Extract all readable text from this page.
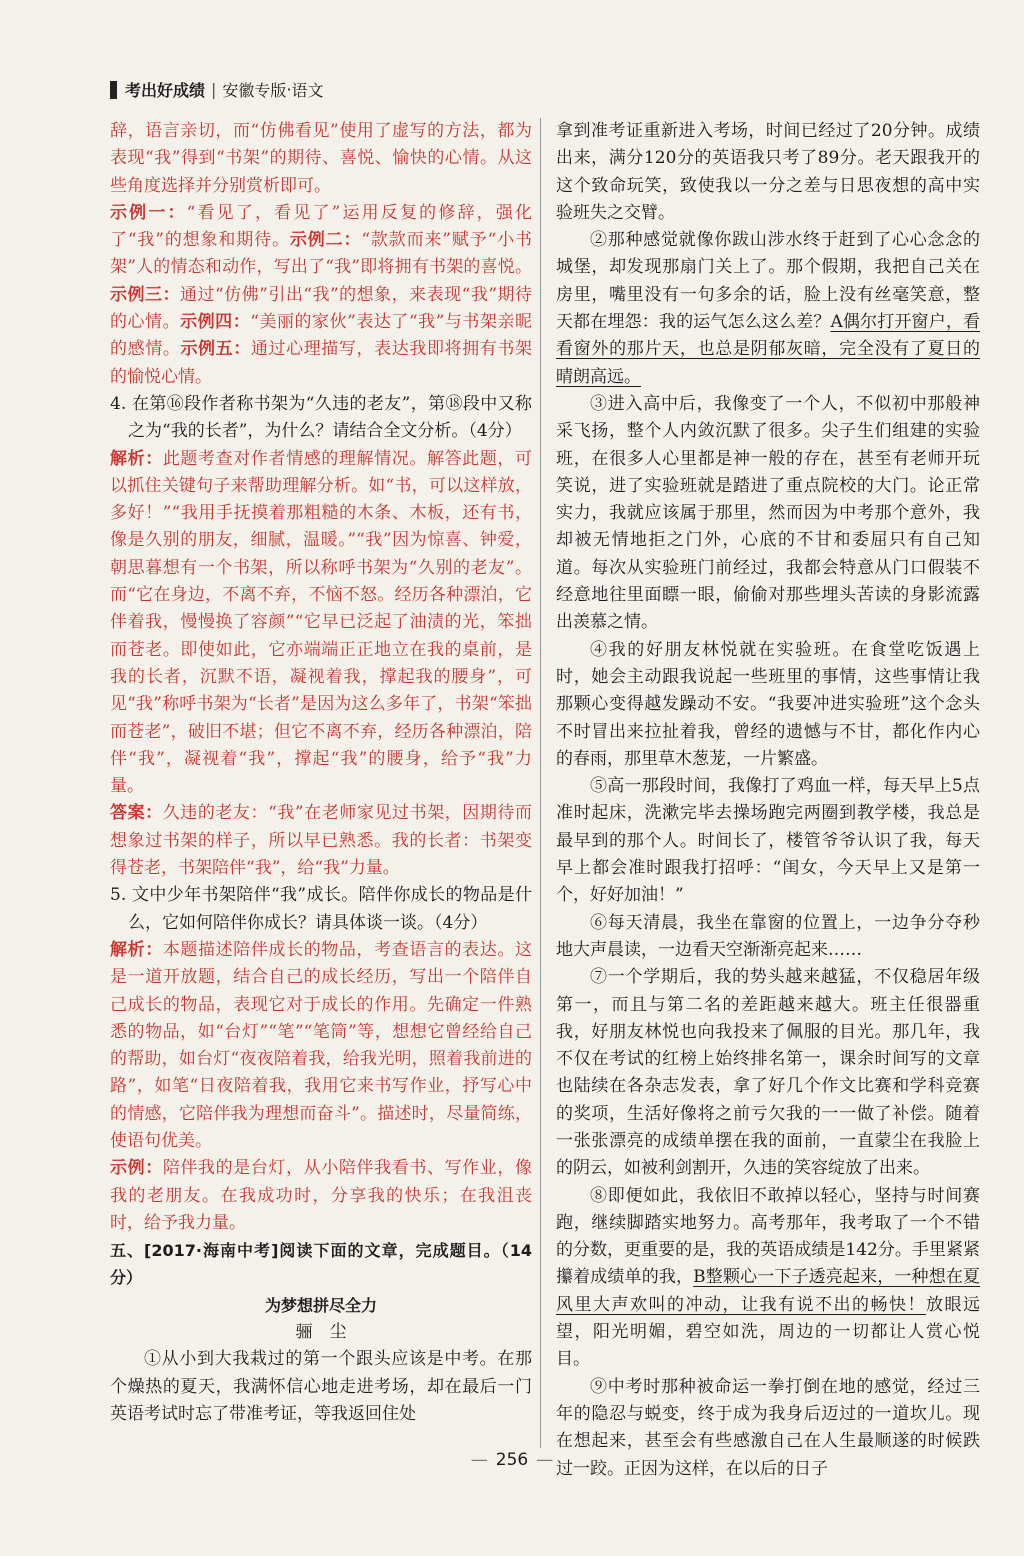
考出好成绩 | 安徽专版 · 语文

辞，语言亲切，而“仿佛看见”使用了虚写的方法，都为表现“我”得到“书架”的期待、喜悦、愉快的心情。从这些角度选择并分别赏析即可。

示例一：“看见了，看见了”运用反复的修辞，强化了“我”的想象和期待。示例二：“款款而来”赋予“小书架”人的情态和动作，写出了“我”即将拥有书架的喜悦。示例三：通过“仿佛”引出“我”的想象，来表现“我”期待的心情。示例四：“美丽的家伙”表达了“我”与书架亲昵的感情。示例五：通过心理描写，表达我即将拥有书架的愉悦心情。

4. 在第⑯段作者称书架为“久违的老友”，第⑱段中又称之为“我的长者”，为什么？请结合全文分析。（4分）

解析：此题考查对作者情感的理解情况。解答此题，可以抓住关键句子来帮助理解分析。如“书，可以这样放，多好！”“我用手抚摸着那粗糙的木条、木板，还有书，像是久别的朋友，细腻，温暖。”“我”因为惊喜、钟爱，朝思暮想有一个书架，所以称呼书架为“久别的老友”。而“它在身边，不离不弃，不恼不怒。经历各种漂泊，它伴着我，慢慢换了容颜”“它早已泛起了油渍的光，笨拙而苍老。即使如此，它亦端端正正地立在我的桌前，是我的长者，沉默不语，凝视着我，撑起我的腰身”，可见“我”称呼书架为“长者”是因为这么多年了，书架“笨拙而苍老”，破旧不堪；但它不离不弃，经历各种漂泊，陪伴“我”，凝视着“我”，撑起“我”的腰身，给予“我”力量。

答案：久违的老友：“我”在老师家见过书架，因期待而想象过书架的样子，所以早已熟悉。我的长者：书架变得苍老，书架陪伴“我”，给“我”力量。

5. 文中少年书架陪伴“我”成长。陪伴你成长的物品是什么，它如何陪伴你成长？请具体谈一谈。（4分）

解析：本题描述陪伴成长的物品，考查语言的表达。这是一道开放题，结合自己的成长经历，写出一个陪伴自己成长的物品，表现它对于成长的作用。先确定一件熟悉的物品，如“台灯”“笔”“笔筒”等，想想它曾经给自己的帮助，如台灯“夜夜陪着我，给我光明，照着我前进的路”，如笔“日夜陪着我，我用它来书写作业，抒写心中的情感，它陪伴我为理想而奋斗”。描述时，尽量简练，使语句优美。

示例：陪伴我的是台灯，从小陪伴我看书、写作业，像我的老朋友。在我成功时，分享我的快乐；在我沮丧时，给予我力量。

五、[2017·海南中考]阅读下面的文章，完成题目。（14分）

为梦想拼尽全力

骊　尘

①从小到大我栽过的第一个跟头应该是中考。在那个燥热的夏天，我满怀信心地走进考场，却在最后一门英语考试时忘了带准考证，等我返回住处

拿到准考证重新进入考场，时间已经过了20分钟。成绩出来，满分120分的英语我只考了89分。老天跟我开的这个致命玩笑，致使我以一分之差与日思夜想的高中实验班失之交臂。

②那种感觉就像你跋山涉水终于赶到了心心念念的城堡，却发现那扇门关上了。那个假期，我把自己关在房里，嘴里没有一句多余的话，脸上没有丝毫笑意，整天都在埋怨：我的运气怎么这么差？A偶尔打开窗户，看看窗外的那片天，也总是阴郁灰暗，完全没有了夏日的晴朗高远。

③进入高中后，我像变了一个人，不似初中那般神采飞扬，整个人内敛沉默了很多。尖子生们组建的实验班，在很多人心里都是神一般的存在，甚至有老师开玩笑说，进了实验班就是踏进了重点院校的大门。论正常实力，我就应该属于那里，然而因为中考那个意外，我却被无情地拒之门外，心底的不甘和委屈只有自己知道。每次从实验班门前经过，我都会特意从门口假装不经意地往里面瞟一眼，偷偷对那些埋头苦读的身影流露出羡慕之情。

④我的好朋友林悦就在实验班。在食堂吃饭遇上时，她会主动跟我说起一些班里的事情，这些事情让我那颗心变得越发躁动不安。“我要冲进实验班”这个念头不时冒出来拉扯着我，曾经的遗憾与不甘，都化作内心的春雨，那里草木葱茏，一片繁盛。

⑤高一那段时间，我像打了鸡血一样，每天早上5点准时起床，洗漱完毕去操场跑完两圈到教学楼，我总是最早到的那个人。时间长了，楼管爷爷认识了我，每天早上都会准时跟我打招呼：“闺女，今天早上又是第一个，好好加油！”

⑥每天清晨，我坐在靠窗的位置上，一边争分夺秒地大声晨读，一边看天空渐渐亮起来……

⑦一个学期后，我的势头越来越猛，不仅稳居年级第一，而且与第二名的差距越来越大。班主任很器重我，好朋友林悦也向我投来了佩服的目光。那几年，我不仅在考试的红榜上始终排名第一，课余时间写的文章也陆续在各杂志发表，拿了好几个作文比赛和学科竞赛的奖项，生活好像将之前亏欠我的一一做了补偿。随着一张张漂亮的成绩单摆在我的面前，一直蒙尘在我脸上的阴云，如被利剑割开，久违的笑容绽放了出来。

⑧即便如此，我依旧不敢掉以轻心，坚持与时间赛跑，继续脚踏实地努力。高考那年，我考取了一个不错的分数，更重要的是，我的英语成绩是142分。手里紧紧攥着成绩单的我，B整颗心一下子透亮起来，一种想在夏风里大声欢叫的冲动，让我有说不出的畅快！放眼远望，阳光明媚，碧空如洗，周边的一切都让人赏心悦目。

⑨中考时那种被命运一拳打倒在地的感觉，经过三年的隐忍与蜕变，终于成为我身后迈过的一道坎儿。现在想起来，甚至会有些感激自己在人生最顺遂的时候跌过一跤。正因为这样，在以后的日子

— 256 —
